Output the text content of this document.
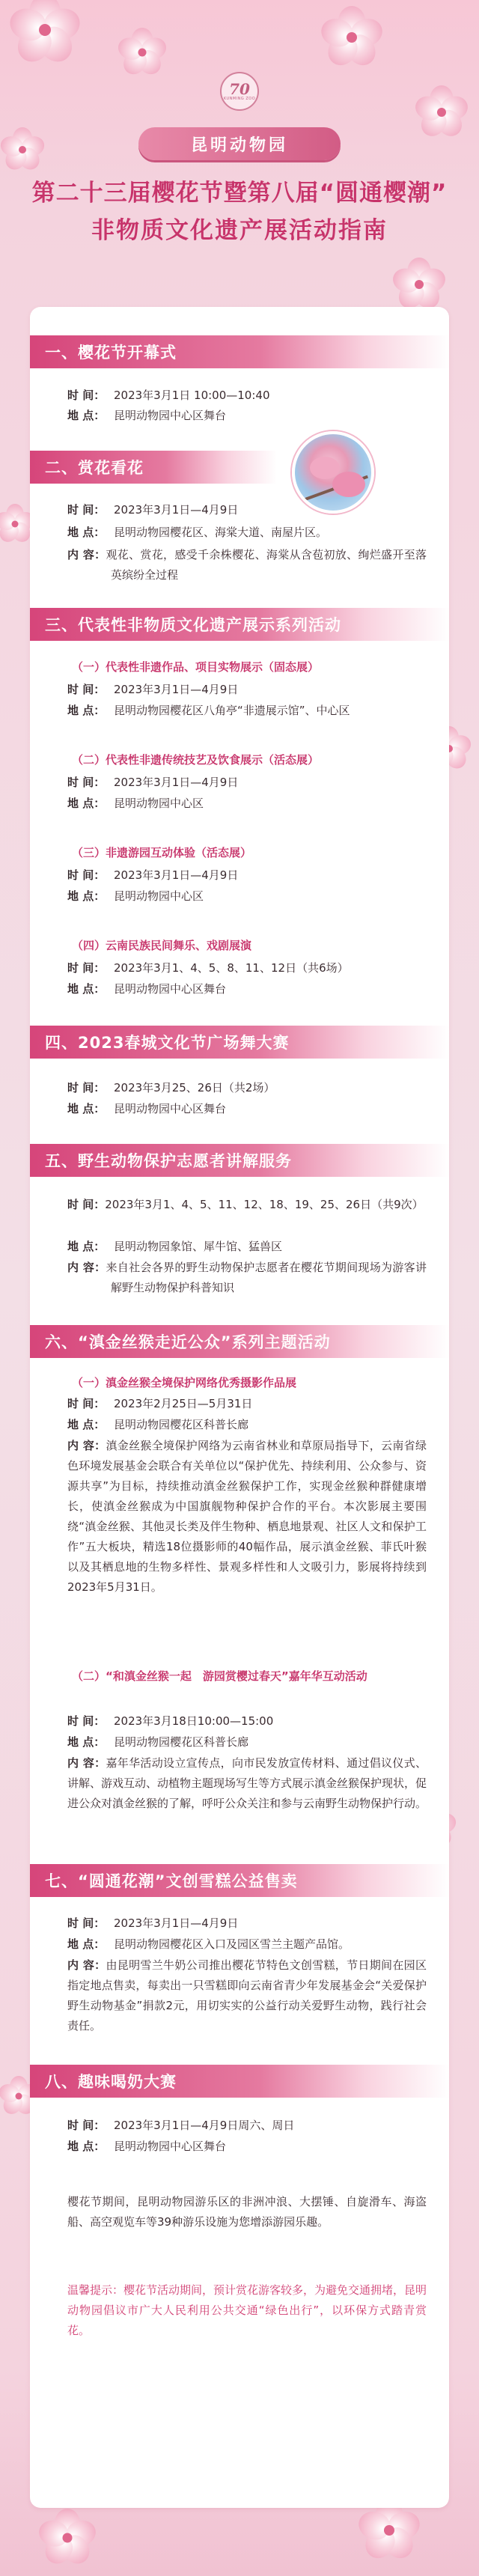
70
KUNMING ZOO
昆明动物园
第二十三届樱花节暨第八届“圆通樱潮”
非物质文化遗产展活动指南
一、樱花节开幕式
时 间： 2023年3月1日 10:00—10:40
地 点： 昆明动物园中心区舞台
二、赏花看花
时 间： 2023年3月1日—4月9日
地 点： 昆明动物园樱花区、海棠大道、南屋片区。
内 容：观花、赏花，感受千余株樱花、海棠从含苞初放、绚烂盛开至落英缤纷全过程
三、代表性非物质文化遗产展示系列活动
（一）代表性非遗作品、项目实物展示（固态展）
时 间： 2023年3月1日—4月9日
地 点： 昆明动物园樱花区八角亭“非遗展示馆”、中心区
（二）代表性非遗传统技艺及饮食展示（活态展）
时 间： 2023年3月1日—4月9日
地 点： 昆明动物园中心区
（三）非遗游园互动体验（活态展）
时 间： 2023年3月1日—4月9日
地 点： 昆明动物园中心区
（四）云南民族民间舞乐、戏剧展演
时 间： 2023年3月1、4、5、8、11、12日（共6场）
地 点： 昆明动物园中心区舞台
四、2023春城文化节广场舞大赛
时 间： 2023年3月25、26日（共2场）
地 点： 昆明动物园中心区舞台
五、野生动物保护志愿者讲解服务
时 间：2023年3月1、4、5、11、12、18、19、25、26日（共9次）
地 点： 昆明动物园象馆、犀牛馆、猛兽区
内 容：来自社会各界的野生动物保护志愿者在樱花节期间现场为游客讲解野生动物保护科普知识
六、“滇金丝猴走近公众”系列主题活动
（一）滇金丝猴全境保护网络优秀摄影作品展
时 间： 2023年2月25日—5月31日
地 点： 昆明动物园樱花区科普长廊
内 容：滇金丝猴全境保护网络为云南省林业和草原局指导下，云南省绿色环境发展基金会联合有关单位以“保护优先、持续利用、公众参与、资源共享”为目标，持续推动滇金丝猴保护工作，实现金丝猴种群健康增长，使滇金丝猴成为中国旗舰物种保护合作的平台。本次影展主要围绕“滇金丝猴、其他灵长类及伴生物种、栖息地景观、社区人文和保护工作”五大板块，精选18位摄影师的40幅作品，展示滇金丝猴、菲氏叶猴以及其栖息地的生物多样性、景观多样性和人文吸引力，影展将持续到2023年5月31日。
（二）“和滇金丝猴一起　游园赏樱过春天”嘉年华互动活动
时 间： 2023年3月18日10:00—15:00
地 点： 昆明动物园樱花区科普长廊
内 容：嘉年华活动设立宣传点，向市民发放宣传材料、通过倡议仪式、讲解、游戏互动、动植物主题现场写生等方式展示滇金丝猴保护现状，促进公众对滇金丝猴的了解，呼吁公众关注和参与云南野生动物保护行动。
七、“圆通花潮”文创雪糕公益售卖
时 间： 2023年3月1日—4月9日
地 点： 昆明动物园樱花区入口及园区雪兰主题产品馆。
内 容：由昆明雪兰牛奶公司推出樱花节特色文创雪糕，节日期间在园区指定地点售卖，每卖出一只雪糕即向云南省青少年发展基金会“关爱保护野生动物基金”捐款2元，用切实实的公益行动关爱野生动物，践行社会责任。
八、趣味喝奶大赛
时 间： 2023年3月1日—4月9日周六、周日
地 点： 昆明动物园中心区舞台
樱花节期间，昆明动物园游乐区的非洲冲浪、大摆锤、自旋滑车、海盗船、高空观览车等39种游乐设施为您增添游园乐趣。
温馨提示：樱花节活动期间，预计赏花游客较多，为避免交通拥堵，昆明动物园倡议市广大人民利用公共交通“绿色出行”，以环保方式踏青赏花。
